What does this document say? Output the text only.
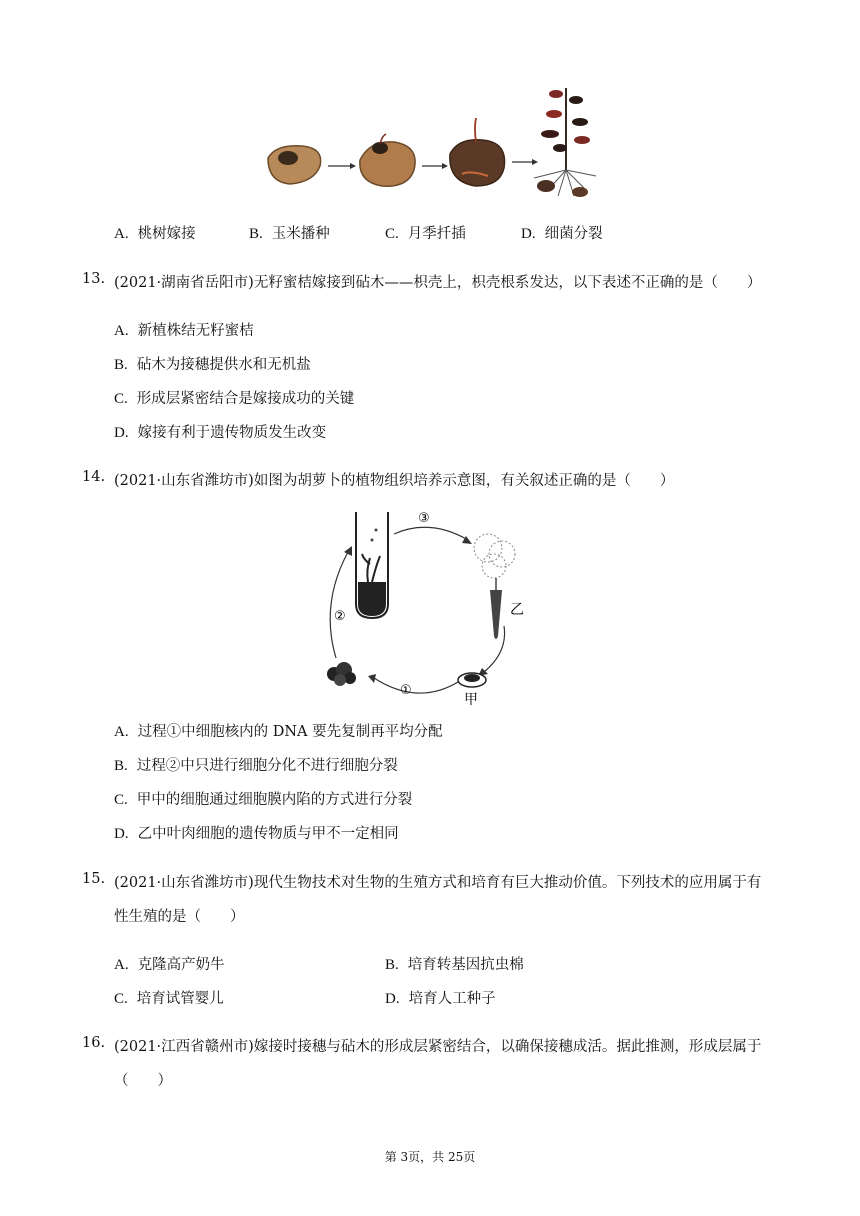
A. 桃树嫁接	B. 玉米播种	C. 月季扦插	D. 细菌分裂
13. (2021·湖南省岳阳市)无籽蜜桔嫁接到砧木——枳壳上，枳壳根系发达，以下表述不正确的是（　　）
A. 新植株结无籽蜜桔
B. 砧木为接穗提供水和无机盐
C. 形成层紧密结合是嫁接成功的关键
D. 嫁接有利于遗传物质发生改变
14. (2021·山东省潍坊市)如图为胡萝卜的植物组织培养示意图，有关叙述正确的是（　　）
③
②
①
乙
甲
A. 过程①中细胞核内的 DNA 要先复制再平均分配
B. 过程②中只进行细胞分化不进行细胞分裂
C. 甲中的细胞通过细胞膜内陷的方式进行分裂
D. 乙中叶肉细胞的遗传物质与甲不一定相同
15. (2021·山东省潍坊市)现代生物技术对生物的生殖方式和培育有巨大推动价值。下列技术的应用属于有
性生殖的是（　　）
A. 克隆高产奶牛	B. 培育转基因抗虫棉
C. 培育试管婴儿	D. 培育人工种子
16. (2021·江西省赣州市)嫁接时接穗与砧木的形成层紧密结合，以确保接穗成活。据此推测，形成层属于
（　　）
第 3页，共 25页
